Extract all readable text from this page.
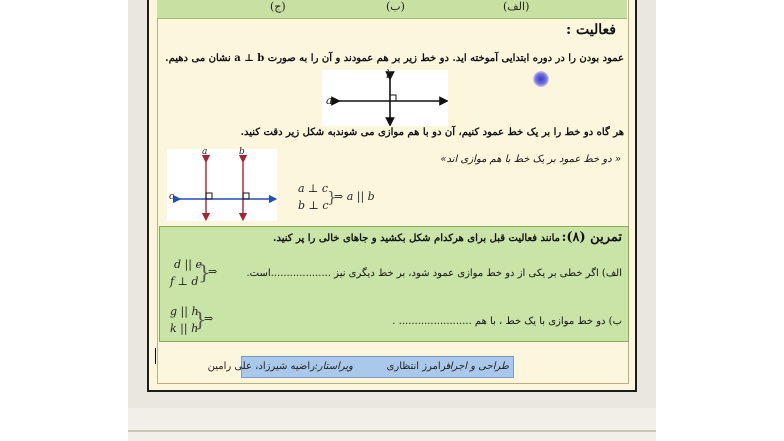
(الف)
(ب)
(ج)
فعالیت :
عمود بودن را در دوره ابتدایی آموخته اید. دو خط زیر بر هم عمودند و آن را به صورت a ⊥ b نشان می دهیم.
a
b
هر گاه دو خط را بر یک خط عمود کنیم، آن دو با هم موازی می شوندبه شکل زیر دقت کنید.
« دو خط عمود بر یک خط با هم موازی اند»
a	b
c
a ⊥ c
b ⊥ c
}
⇒ a || b
تمرین (۸):
مانند فعالیت قبل برای هرکدام شکل بکشید و جاهای خالی را پر کنید.
d || e
f ⊥ d }
⇒	الف) اگر خطی بر یکی از دو خط موازی عمود شود، بر خط دیگری نیز ...................است.
g || h
k || h
}
⇒	ب) دو خط موازی با یک خط ، با هم ....................... .
طراحی و اجرا:
فرامرز انتظاری
ویراستار:
راضیه شیرزاد، علی رامین
